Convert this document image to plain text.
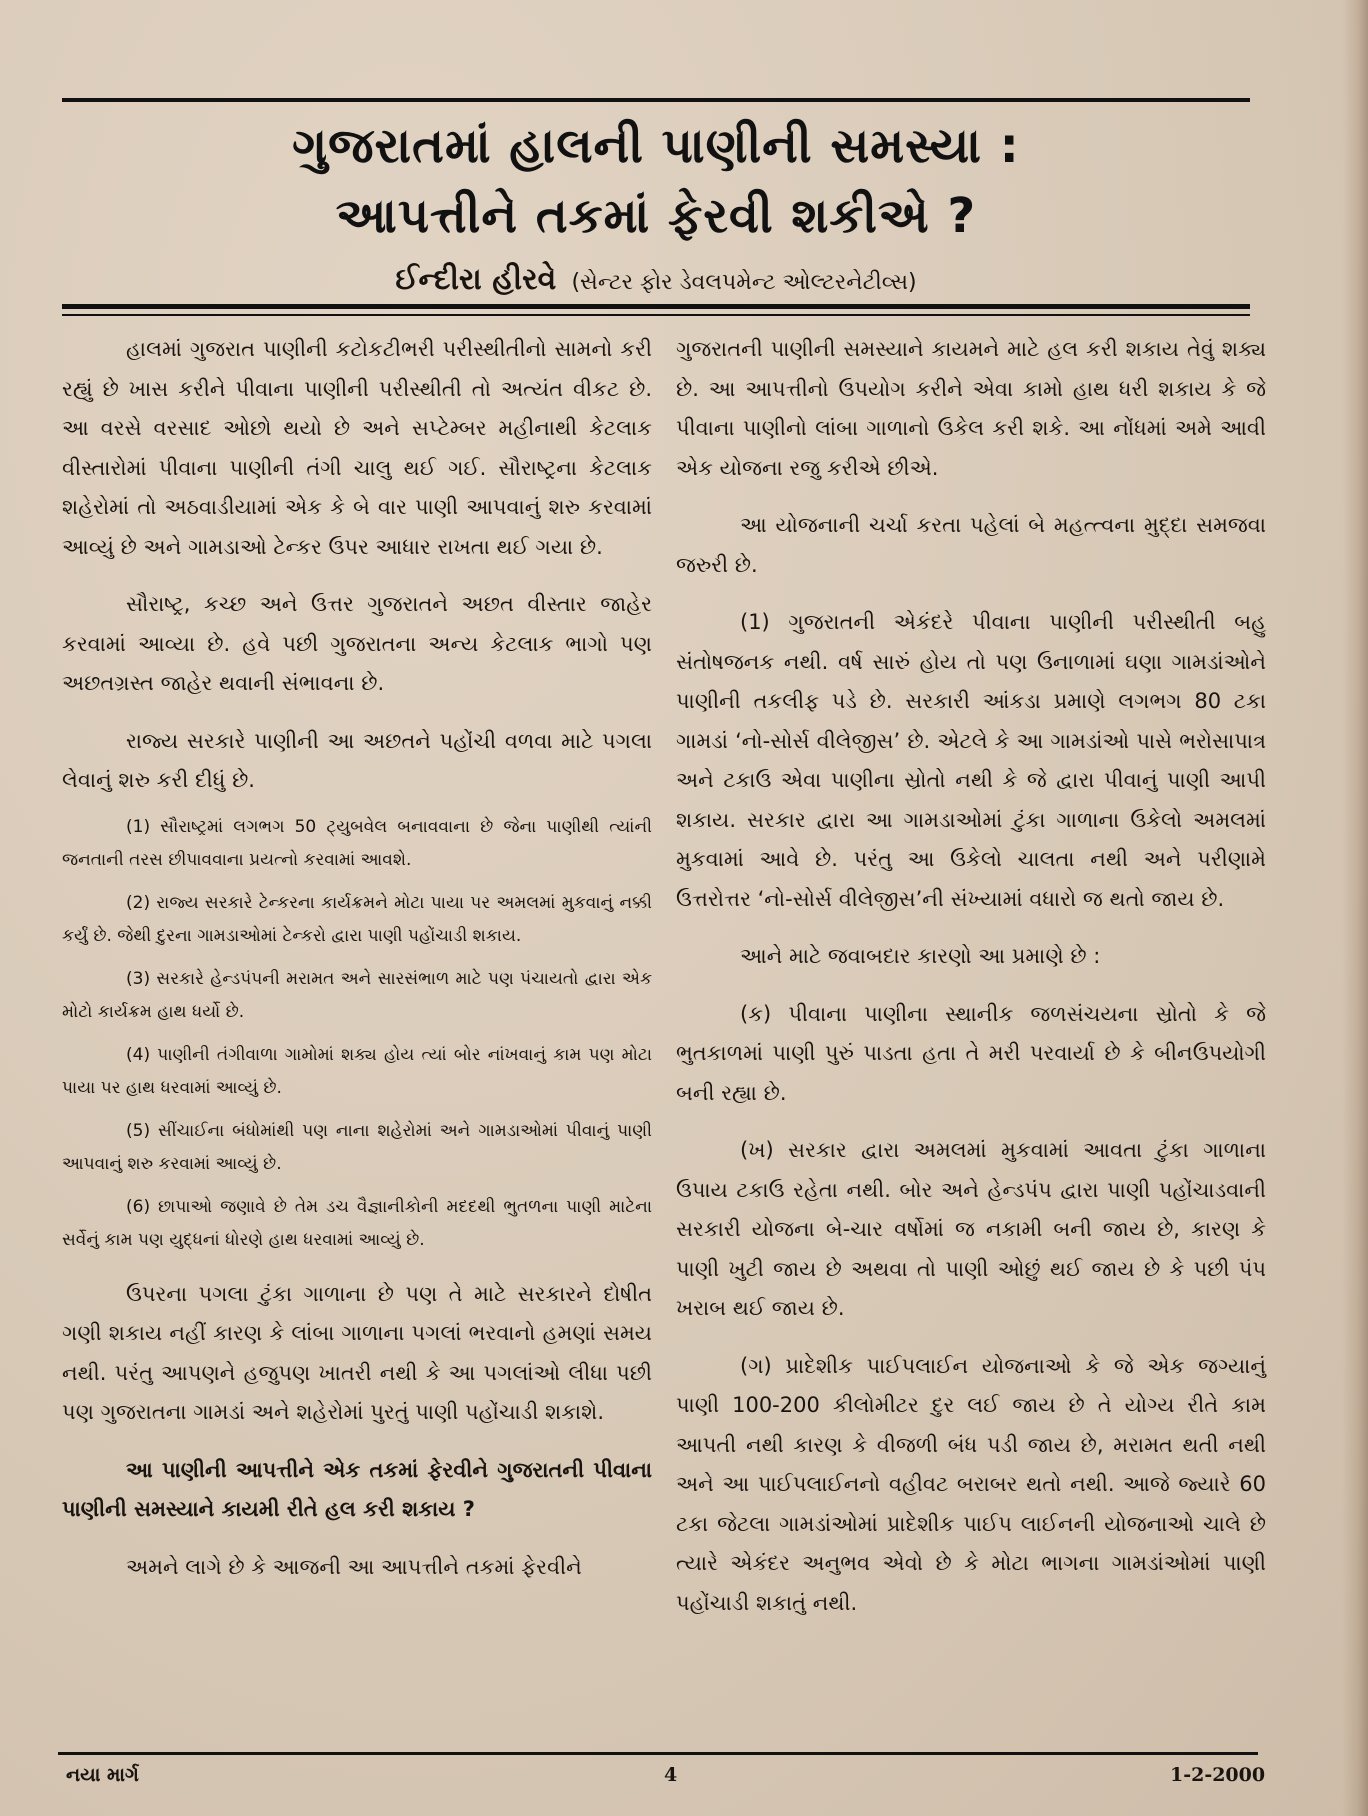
ગુજરાતમાં હાલની પાણીની સમસ્યા :
આપત્તીને તકમાં ફેરવી શકીએ ?
ઈન્દીરા હીરવે (સેન્ટર ફોર ડેવલપમેન્ટ ઓલ્ટરનેટીવ્સ)

હાલમાં ગુજરાત પાણીની કટોકટીભરી પરીસ્થીતીનો સામનો કરી રહ્યું છે ખાસ કરીને પીવાના પાણીની પરીસ્થીતી તો અત્યંત વીકટ છે. આ વરસે વરસાદ ઓછો થયો છે અને સપ્ટેમ્બર મહીનાથી કેટલાક વીસ્તારોમાં પીવાના પાણીની તંગી ચાલુ થઈ ગઈ. સૌરાષ્ટ્રના કેટલાક શહેરોમાં તો અઠવાડીયામાં એક કે બે વાર પાણી આપવાનું શરુ કરવામાં આવ્યું છે અને ગામડાઓ ટેન્કર ઉપર આધાર રાખતા થઈ ગયા છે.

સૌરાષ્ટ્ર, કચ્છ અને ઉત્તર ગુજરાતને અછત વીસ્તાર જાહેર કરવામાં આવ્યા છે. હવે પછી ગુજરાતના અન્ય કેટલાક ભાગો પણ અછતગ્રસ્ત જાહેર થવાની સંભાવના છે.

રાજ્ય સરકારે પાણીની આ અછતને પહોંચી વળવા માટે પગલા લેવાનું શરુ કરી દીધું છે.

(1) સૌરાષ્ટ્રમાં લગભગ 50 ટ્યુબવેલ બનાવવાના છે જેના પાણીથી ત્યાંની જનતાની તરસ છીપાવવાના પ્રયત્નો કરવામાં આવશે.

(2) રાજ્ય સરકારે ટેન્કરના કાર્યક્રમને મોટા પાયા પર અમલમાં મુકવાનું નક્કી કર્યું છે. જેથી દુરના ગામડાઓમાં ટેન્કરો દ્વારા પાણી પહોંચાડી શકાય.

(3) સરકારે હેન્ડપંપની મરામત અને સારસંભાળ માટે પણ પંચાયતો દ્વારા એક મોટો કાર્યક્રમ હાથ ધર્યો છે.

(4) પાણીની તંગીવાળા ગામોમાં શક્ય હોય ત્યાં બોર નાંખવાનું કામ પણ મોટા પાયા પર હાથ ધરવામાં આવ્યું છે.

(5) સીંચાઈના બંધોમાંથી પણ નાના શહેરોમાં અને ગામડાઓમાં પીવાનું પાણી આપવાનું શરુ કરવામાં આવ્યું છે.

(6) છાપાઓ જણાવે છે તેમ ડચ વૈજ્ઞાનીકોની મદદથી ભુતળના પાણી માટેના સર્વેનું કામ પણ યુદ્ધનાં ધોરણે હાથ ધરવામાં આવ્યું છે.

ઉપરના પગલા ટુંકા ગાળાના છે પણ તે માટે સરકારને દોષીત ગણી શકાય નહીં કારણ કે લાંબા ગાળાના પગલાં ભરવાનો હમણાં સમય નથી. પરંતુ આપણને હજુપણ ખાતરી નથી કે આ પગલાંઓ લીધા પછી પણ ગુજરાતના ગામડાં અને શહેરોમાં પુરતું પાણી પહોંચાડી શકાશે.

આ પાણીની આપત્તીને એક તકમાં ફેરવીને ગુજરાતની પીવાના પાણીની સમસ્યાને કાયમી રીતે હલ કરી શકાય ?

અમને લાગે છે કે આજની આ આપત્તીને તકમાં ફેરવીને

ગુજરાતની પાણીની સમસ્યાને કાયમને માટે હલ કરી શકાય તેવું શક્ય છે. આ આપત્તીનો ઉપયોગ કરીને એવા કામો હાથ ધરી શકાય કે જે પીવાના પાણીનો લાંબા ગાળાનો ઉકેલ કરી શકે. આ નોંધમાં અમે આવી એક યોજના રજુ કરીએ છીએ.

આ યોજનાની ચર્ચા કરતા પહેલાં બે મહત્ત્વના મુદ્દા સમજવા જરુરી છે.

(1) ગુજરાતની એકંદરે પીવાના પાણીની પરીસ્થીતી બહુ સંતોષજનક નથી. વર્ષ સારું હોય તો પણ ઉનાળામાં ઘણા ગામડાંઓને પાણીની તકલીફ પડે છે. સરકારી આંકડા પ્રમાણે લગભગ 80 ટકા ગામડાં ‘નો-સોર્સ વીલેજીસ’ છે. એટલે કે આ ગામડાંઓ પાસે ભરોસાપાત્ર અને ટકાઉ એવા પાણીના સ્રોતો નથી કે જે દ્વારા પીવાનું પાણી આપી શકાય. સરકાર દ્વારા આ ગામડાઓમાં ટુંકા ગાળાના ઉકેલો અમલમાં મુકવામાં આવે છે. પરંતુ આ ઉકેલો ચાલતા નથી અને પરીણામે ઉત્તરોત્તર ‘નો-સોર્સ વીલેજીસ’ની સંખ્યામાં વધારો જ થતો જાય છે.

આને માટે જવાબદાર કારણો આ પ્રમાણે છે :

(ક) પીવાના પાણીના સ્થાનીક જળસંચયના સ્રોતો કે જે ભુતકાળમાં પાણી પુરું પાડતા હતા તે મરી પરવાર્યા છે કે બીનઉપયોગી બની રહ્યા છે.

(ખ) સરકાર દ્વારા અમલમાં મુકવામાં આવતા ટુંકા ગાળાના ઉપાય ટકાઉ રહેતા નથી. બોર અને હેન્ડપંપ દ્વારા પાણી પહોંચાડવાની સરકારી યોજના બે-ચાર વર્ષોમાં જ નકામી બની જાય છે, કારણ કે પાણી ખુટી જાય છે અથવા તો પાણી ઓછું થઈ જાય છે કે પછી પંપ ખરાબ થઈ જાય છે.

(ગ) પ્રાદેશીક પાઈપલાઈન યોજનાઓ કે જે એક જગ્યાનું પાણી 100-200 કીલોમીટર દુર લઈ જાય છે તે યોગ્ય રીતે કામ આપતી નથી કારણ કે વીજળી બંધ પડી જાય છે, મરામત થતી નથી અને આ પાઈપલાઈનનો વહીવટ બરાબર થતો નથી. આજે જ્યારે 60 ટકા જેટલા ગામડાંઓમાં પ્રાદેશીક પાઈપ લાઈનની યોજનાઓ ચાલે છે ત્યારે એકંદર અનુભવ એવો છે કે મોટા ભાગના ગામડાંઓમાં પાણી પહોંચાડી શકાતું નથી.

નયા માર્ગ	4	1-2-2000
